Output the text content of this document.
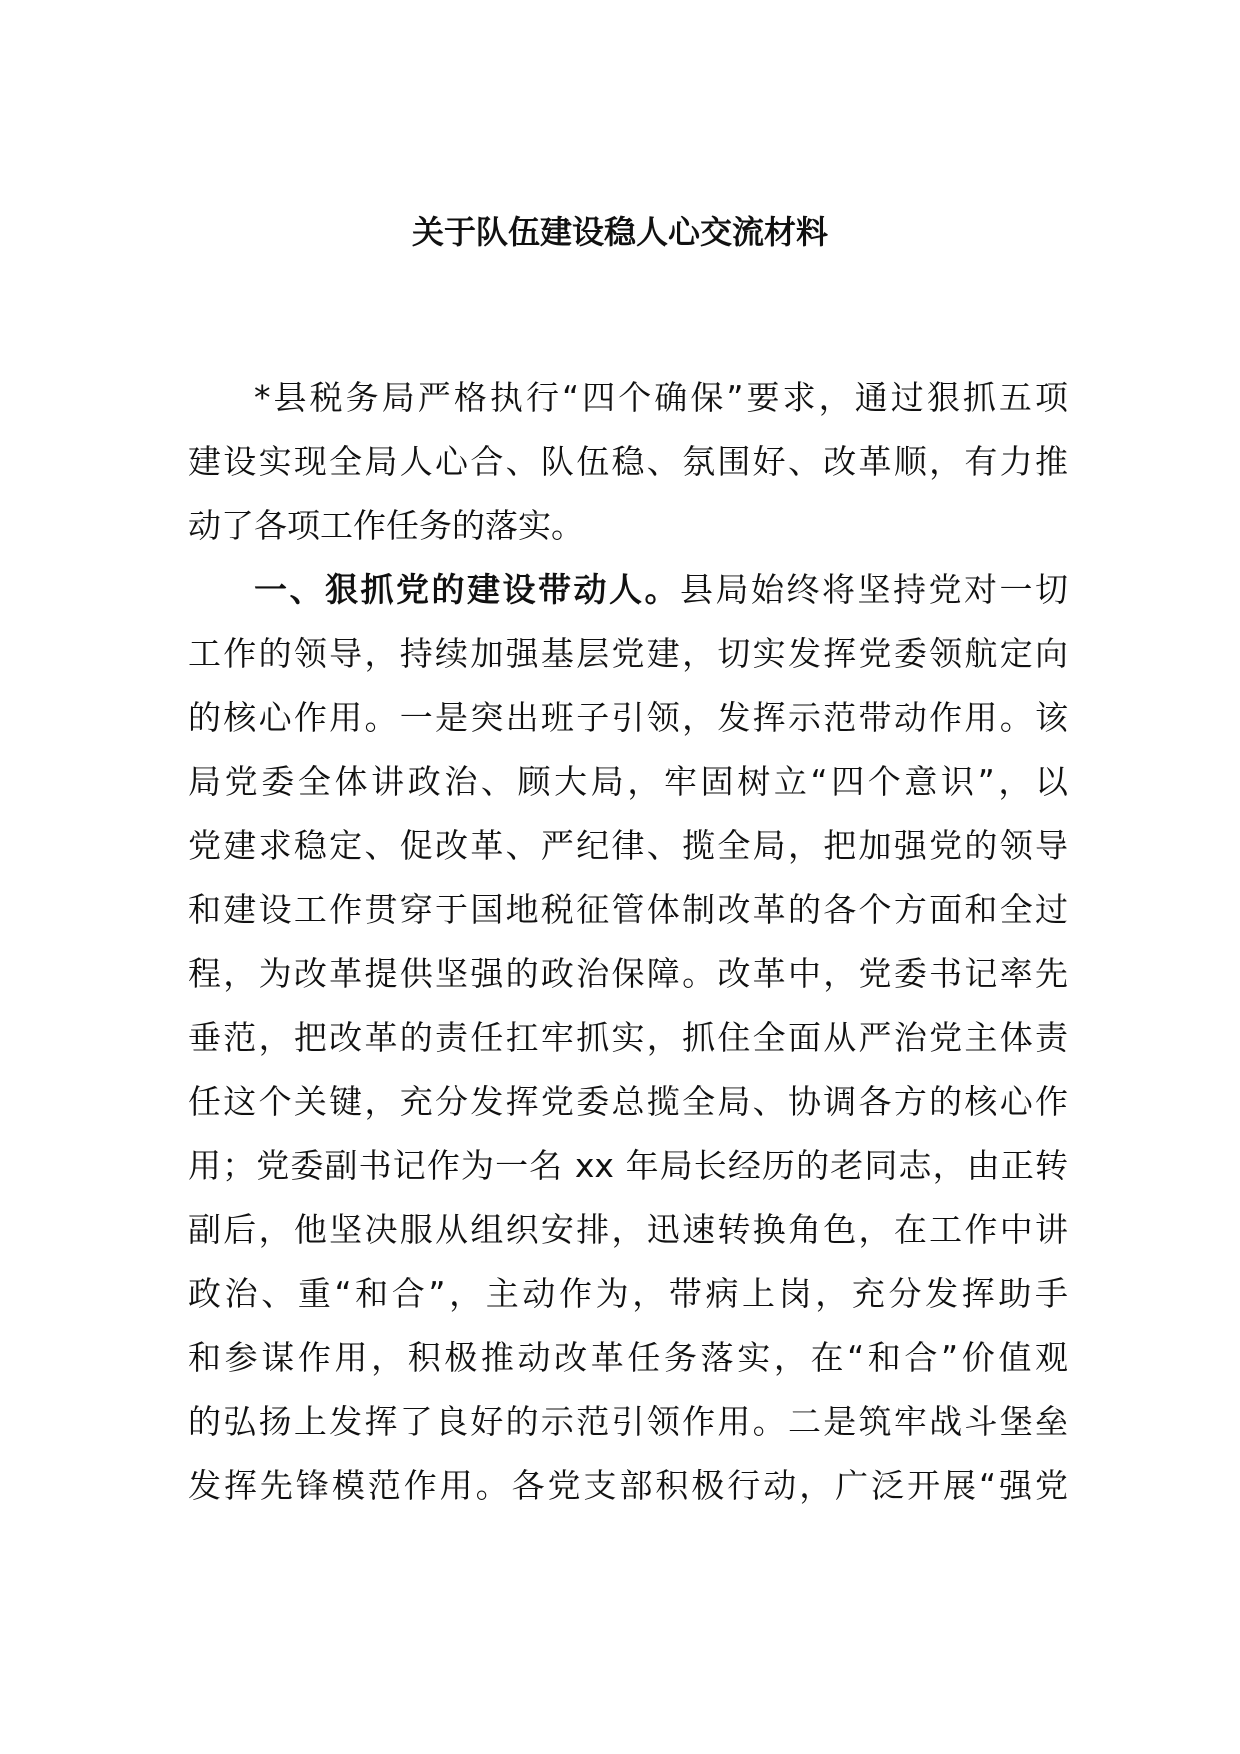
关于队伍建设稳人心交流材料
*县税务局严格执行“四个确保”要求，通过狠抓五项
建设实现全局人心合、队伍稳、氛围好、改革顺，有力推
动了各项工作任务的落实。
一、狠抓党的建设带动人。县局始终将坚持党对一切
工作的领导，持续加强基层党建，切实发挥党委领航定向
的核心作用。一是突出班子引领，发挥示范带动作用。该
局党委全体讲政治、顾大局，牢固树立“四个意识”，以
党建求稳定、促改革、严纪律、揽全局，把加强党的领导
和建设工作贯穿于国地税征管体制改革的各个方面和全过
程，为改革提供坚强的政治保障。改革中，党委书记率先
垂范，把改革的责任扛牢抓实，抓住全面从严治党主体责
任这个关键，充分发挥党委总揽全局、协调各方的核心作
用；党委副书记作为一名 xx 年局长经历的老同志，由正转
副后，他坚决服从组织安排，迅速转换角色，在工作中讲
政治、重“和合”，主动作为，带病上岗，充分发挥助手
和参谋作用，积极推动改革任务落实，在“和合”价值观
的弘扬上发挥了良好的示范引领作用。二是筑牢战斗堡垒
发挥先锋模范作用。各党支部积极行动，广泛开展“强党
